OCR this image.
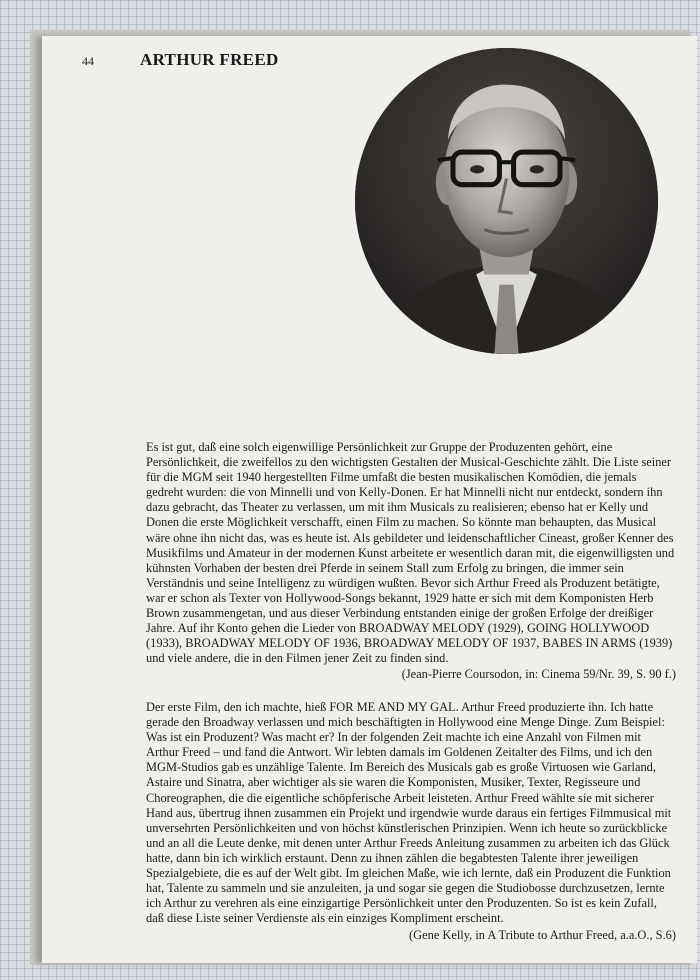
44	ARTHUR FREED

Es ist gut, daß eine solch eigenwillige Persönlichkeit zur Gruppe der Produzenten gehört, eine Persönlichkeit, die zweifellos zu den wichtigsten Gestalten der Musical-Geschichte zählt. Die Liste seiner für die MGM seit 1940 hergestellten Filme umfaßt die besten musikalischen Komödien, die jemals gedreht wurden: die von Minnelli und von Kelly-Donen. Er hat Minnelli nicht nur entdeckt, sondern ihn dazu gebracht, das Theater zu verlassen, um mit ihm Musicals zu realisieren; ebenso hat er Kelly und Donen die erste Möglichkeit verschafft, einen Film zu machen. So könnte man behaupten, das Musical wäre ohne ihn nicht das, was es heute ist. Als gebildeter und leidenschaftlicher Cineast, großer Kenner des Musikfilms und Amateur in der modernen Kunst arbeitete er wesentlich daran mit, die eigenwilligsten und kühnsten Vorhaben der besten drei Pferde in seinem Stall zum Erfolg zu bringen, die immer sein Verständnis und seine Intelligenz zu würdigen wußten. Bevor sich Arthur Freed als Produzent betätigte, war er schon als Texter von Hollywood-Songs bekannt, 1929 hatte er sich mit dem Komponisten Herb Brown zusammengetan, und aus dieser Verbindung entstanden einige der großen Erfolge der dreißiger Jahre. Auf ihr Konto gehen die Lieder von BROADWAY MELODY (1929), GOING HOLLYWOOD (1933), BROADWAY MELODY OF 1936, BROADWAY MELODY OF 1937, BABES IN ARMS (1939) und viele andere, die in den Filmen jener Zeit zu finden sind.
(Jean-Pierre Coursodon, in: Cinema 59/Nr. 39, S. 90 f.)

Der erste Film, den ich machte, hieß FOR ME AND MY GAL. Arthur Freed produzierte ihn. Ich hatte gerade den Broadway verlassen und mich beschäftigten in Hollywood eine Menge Dinge. Zum Beispiel: Was ist ein Produzent? Was macht er? In der folgenden Zeit machte ich eine Anzahl von Filmen mit Arthur Freed – und fand die Antwort. Wir lebten damals im Goldenen Zeitalter des Films, und ich den MGM-Studios gab es unzählige Talente. Im Bereich des Musicals gab es große Virtuosen wie Garland, Astaire und Sinatra, aber wichtiger als sie waren die Komponisten, Musiker, Texter, Regisseure und Choreographen, die die eigentliche schöpferische Arbeit leisteten. Arthur Freed wählte sie mit sicherer Hand aus, übertrug ihnen zusammen ein Projekt und irgendwie wurde daraus ein fertiges Filmmusical mit unversehrten Persönlichkeiten und von höchst künstlerischen Prinzipien. Wenn ich heute so zurückblicke und an all die Leute denke, mit denen unter Arthur Freeds Anleitung zusammen zu arbeiten ich das Glück hatte, dann bin ich wirklich erstaunt. Denn zu ihnen zählen die begabtesten Talente ihrer jeweiligen Spezialgebiete, die es auf der Welt gibt. Im gleichen Maße, wie ich lernte, daß ein Produzent die Funktion hat, Talente zu sammeln und sie anzuleiten, ja und sogar sie gegen die Studiobosse durchzusetzen, lernte ich Arthur zu verehren als eine einzigartige Persönlichkeit unter den Produzenten. So ist es kein Zufall, daß diese Liste seiner Verdienste als ein einziges Kompliment erscheint.
(Gene Kelly, in A Tribute to Arthur Freed, a.a.O., S.6)
